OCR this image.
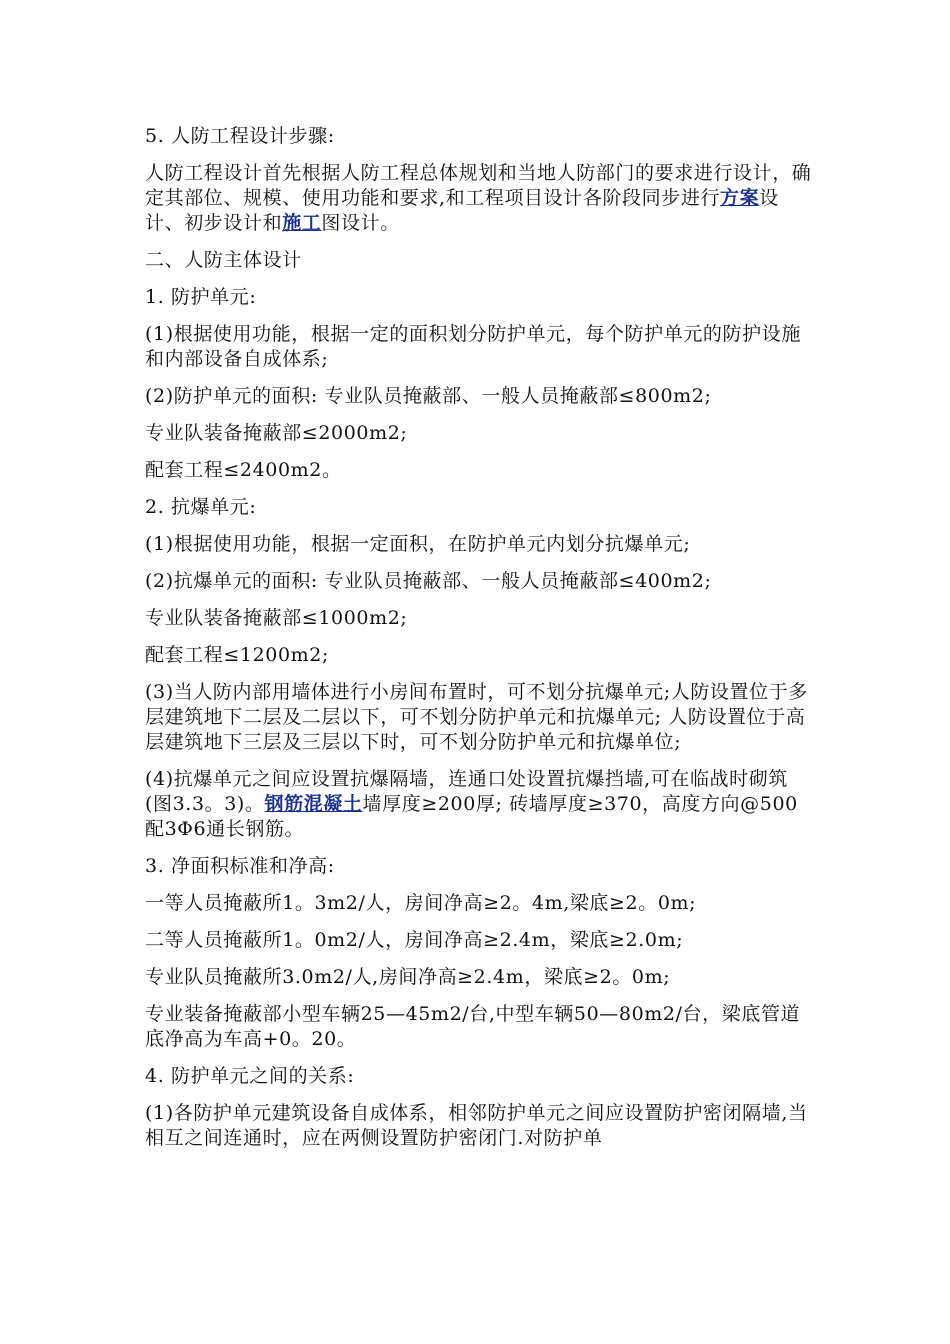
5. 人防工程设计步骤:

人防工程设计首先根据人防工程总体规划和当地人防部门的要求进行设计，确定其部位、规模、使用功能和要求,和工程项目设计各阶段同步进行方案设计、初步设计和施工图设计。

二、人防主体设计

1. 防护单元:

(1)根据使用功能，根据一定的面积划分防护单元，每个防护单元的防护设施和内部设备自成体系;

(2)防护单元的面积: 专业队员掩蔽部、一般人员掩蔽部≤800m2;

专业队装备掩蔽部≤2000m2;

配套工程≤2400m2。

2. 抗爆单元:

(1)根据使用功能，根据一定面积，在防护单元内划分抗爆单元;

(2)抗爆单元的面积: 专业队员掩蔽部、一般人员掩蔽部≤400m2;

专业队装备掩蔽部≤1000m2;

配套工程≤1200m2;

(3)当人防内部用墙体进行小房间布置时，可不划分抗爆单元;人防设置位于多层建筑地下二层及二层以下，可不划分防护单元和抗爆单元; 人防设置位于高层建筑地下三层及三层以下时，可不划分防护单元和抗爆单位;

(4)抗爆单元之间应设置抗爆隔墙，连通口处设置抗爆挡墙,可在临战时砌筑(图3.3。3)。钢筋混凝土墙厚度≥200厚; 砖墙厚度≥370，高度方向@500配3Φ6通长钢筋。

3. 净面积标准和净高:

一等人员掩蔽所1。3m2/人，房间净高≥2。4m,梁底≥2。0m;

二等人员掩蔽所1。0m2/人，房间净高≥2.4m，梁底≥2.0m;

专业队员掩蔽所3.0m2/人,房间净高≥2.4m，梁底≥2。0m;

专业装备掩蔽部小型车辆25—45m2/台,中型车辆50—80m2/台，梁底管道底净高为车高+0。20。

4. 防护单元之间的关系:

(1)各防护单元建筑设备自成体系，相邻防护单元之间应设置防护密闭隔墙,当相互之间连通时，应在两侧设置防护密闭门.对防护单
